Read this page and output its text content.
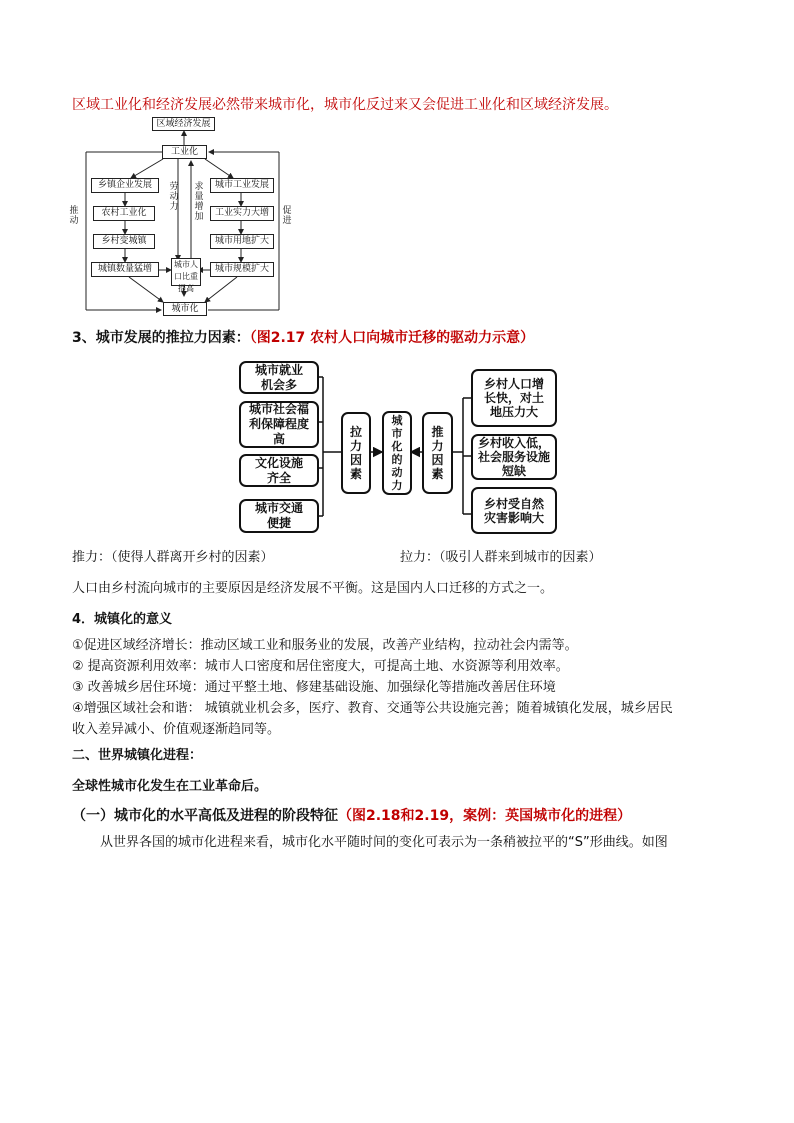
区域工业化和经济发展必然带来城市化，城市化反过来又会促进工业化和区域经济发展。
区域经济发展
工业化
城市化
乡镇企业发展
农村工业化
乡村变城镇
城镇数量猛增
城市工业发展
工业实力大增
城市用地扩大
城市规模扩大
城市人口比重提高
劳动力
求量增加
推动
促进
3、城市发展的推拉力因素：（图2.17 农村人口向城市迁移的驱动力示意）
城市就业机会多
城市社会福利保障程度高
文化设施齐全
城市交通便捷
拉力因素
城市化的动力
推力因素
乡村人口增长快，对土地压力大
乡村收入低，社会服务设施短缺
乡村受自然灾害影响大
推力：（使得人群离开乡村的因素）	拉力：（吸引人群来到城市的因素）
人口由乡村流向城市的主要原因是经济发展不平衡。这是国内人口迁移的方式之一。
4．城镇化的意义
①促进区域经济增长：推动区域工业和服务业的发展，改善产业结构，拉动社会内需等。
② 提高资源利用效率：城市人口密度和居住密度大，可提高土地、水资源等利用效率。
③ 改善城乡居住环境：通过平整土地、修建基础设施、加强绿化等措施改善居住环境
④增强区域社会和谐： 城镇就业机会多，医疗、教育、交通等公共设施完善；随着城镇化发展，城乡居民
收入差异减小、价值观逐渐趋同等。
二、世界城镇化进程：
全球性城市化发生在工业革命后。
（一）城市化的水平高低及进程的阶段特征（图2.18和2.19，案例：英国城市化的进程）
从世界各国的城市化进程来看，城市化水平随时间的变化可表示为一条稍被拉平的“S”形曲线。如图
